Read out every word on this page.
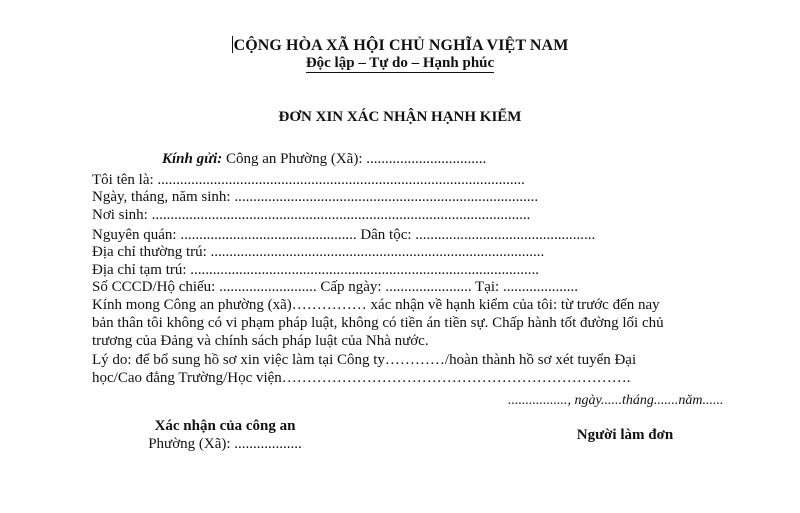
CỘNG HÒA XÃ HỘI CHỦ NGHĨA VIỆT NAM
Độc lập – Tự do – Hạnh phúc
ĐƠN XIN XÁC NHẬN HẠNH KIỂM
Kính gửi: Công an Phường (Xã): ................................
Tôi tên là: ..................................................................................................
Ngày, tháng, năm sinh: .................................................................................
Nơi sinh: .....................................................................................................
Nguyên quán: ............................................... Dân tộc: ................................................
Địa chỉ thường trú: .........................................................................................
Địa chỉ tạm trú: .............................................................................................
Số CCCD/Hộ chiếu: .......................... Cấp ngày: ....................... Tại: ....................
Kính mong Công an phường (xã)…………… xác nhận về hạnh kiểm của tôi: từ trước đến nay
bản thân tôi không có vi phạm pháp luật, không có tiền án tiền sự. Chấp hành tốt đường lối chủ
trương của Đảng và chính sách pháp luật của Nhà nước.
Lý do: để bổ sung hồ sơ xin việc làm tại Công ty…………/hoàn thành hồ sơ xét tuyển Đại
học/Cao đẳng Trường/Học viện…………………………………………………………….
................., ngày......tháng.......năm......
Xác nhận của công an
Phường (Xã): ..................
Người làm đơn
